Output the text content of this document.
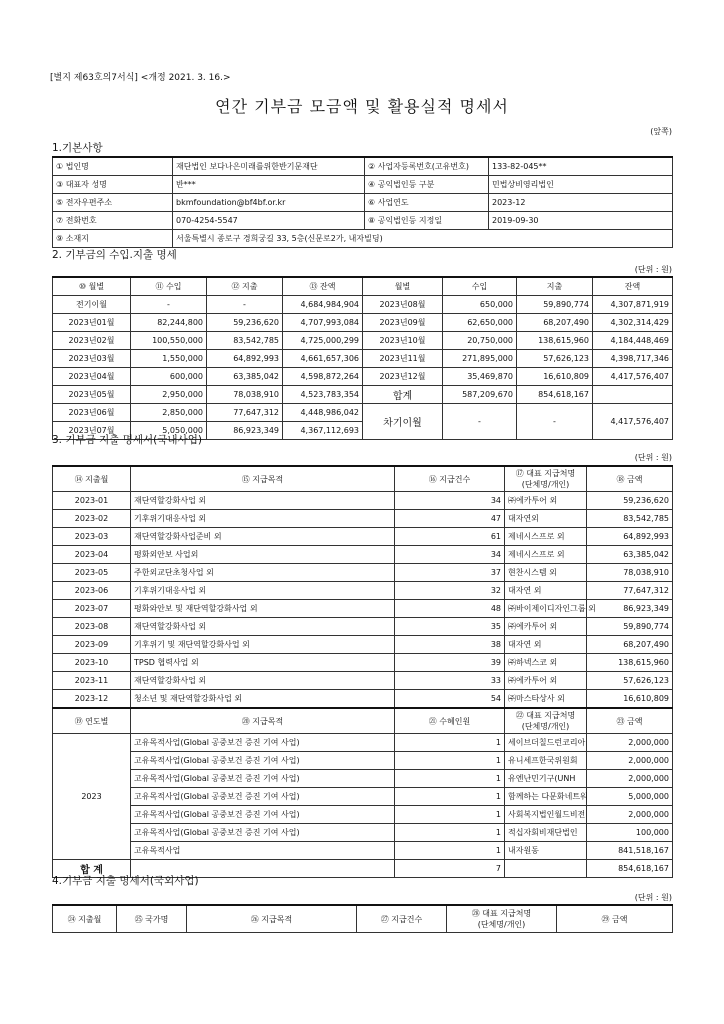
[별지 제63호의7서식] <개정 2021. 3. 16.>
연간 기부금 모금액 및 활용실적 명세서
(앞쪽)
1.기본사항
① 법인명	재단법인 보다나은미래를위한반기문재단	② 사업자등록번호(고유번호)	133-82-045**
③ 대표자 성명	반***	④ 공익법인등 구분	민법상비영리법인
⑤ 전자우편주소	bkmfoundation@bf4bf.or.kr	⑥ 사업연도	2023-12
⑦ 전화번호	070-4254-5547	⑧ 공익법인등 지정일	2019-09-30
⑨ 소재지	서울특별시 종로구 경희궁길 33, 5층(신문로2가, 내자빌딩)		
2. 기부금의 수입.지출 명세
(단위 : 원)
⑩ 월별	⑪ 수입	⑫ 지출	⑬ 잔액	월별	수입	지출	잔액
전기이월	-	-	4,684,984,904	2023년08월	650,000	59,890,774	4,307,871,919
2023년01월	82,244,800	59,236,620	4,707,993,084	2023년09월	62,650,000	68,207,490	4,302,314,429
2023년02월	100,550,000	83,542,785	4,725,000,299	2023년10월	20,750,000	138,615,960	4,184,448,469
2023년03월	1,550,000	64,892,993	4,661,657,306	2023년11월	271,895,000	57,626,123	4,398,717,346
2023년04월	600,000	63,385,042	4,598,872,264	2023년12월	35,469,870	16,610,809	4,417,576,407
2023년05월	2,950,000	78,038,910	4,523,783,354	합계	587,209,670	854,618,167	
2023년06월	2,850,000	77,647,312	4,448,986,042	차기이월	-	-	4,417,576,407
2023년07월	5,050,000	86,923,349	4,367,112,693				
3. 기부금 지출 명세서(국내사업)
(단위 : 원)
⑭ 지출월	⑮ 지급목적	⑯ 지급건수	⑰ 대표 지급처명
(단체명/개인)	⑱ 금액
2023-01	재단역할강화사업 외	34	㈜에카투어 외	59,236,620
2023-02	기후위기대응사업 외	47	대자연외	83,542,785
2023-03	재단역할강화사업준비 외	61	제네시스프로 외	64,892,993
2023-04	평화외안보 사업외	34	제네시스프로 외	63,385,042
2023-05	주한외교단초청사업 외	37	현찬시스템 외	78,038,910
2023-06	기후위기대응사업 외	32	대자연 외	77,647,312
2023-07	평화와안보 및 재단역할강화사업 외	48	㈜바이제이디자인그룹 외	86,923,349
2023-08	재단역할강화사업 외	35	㈜에카투어 외	59,890,774
2023-09	기후위기 및 재단역할강화사업 외	38	대자연 외	68,207,490
2023-10	TPSD 협력사업 외	39	㈜하넥스코 외	138,615,960
2023-11	재단역할강화사업 외	33	㈜에카투어 외	57,626,123
2023-12	청소년 및 재단역할강화사업 외	54	㈜마스타상사 외	16,610,809
⑲ 연도별	⑳ 지급목적	㉑ 수혜인원	㉒ 대표 지급처명
(단체명/개인)	㉓ 금액
2023	고유목적사업(Global 공중보건 증진 기여 사업)	1	세이브더칠드런코리아	2,000,000
	고유목적사업(Global 공중보건 증진 기여 사업)	1	유니세프한국위원회	2,000,000
	고유목적사업(Global 공중보건 증진 기여 사업)	1	유엔난민기구(UNH	2,000,000
	고유목적사업(Global 공중보건 증진 기여 사업)	1	함께하는 다문화네트워	5,000,000
	고유목적사업(Global 공중보건 증진 기여 사업)	1	사회복지법인월드비전	2,000,000
	고유목적사업(Global 공중보건 증진 기여 사업)	1	적십자회비재단법인	100,000
	고유목적사업	1	내자원동	841,518,167
합 계		7		854,618,167
4.기부금 지출 명세서(국외사업)
(단위 : 원)
㉔ 지출월	㉕ 국가명	㉖ 지급목적	㉗ 지급건수	㉘ 대표 지급처명
(단체명/개인)	㉙ 금액
